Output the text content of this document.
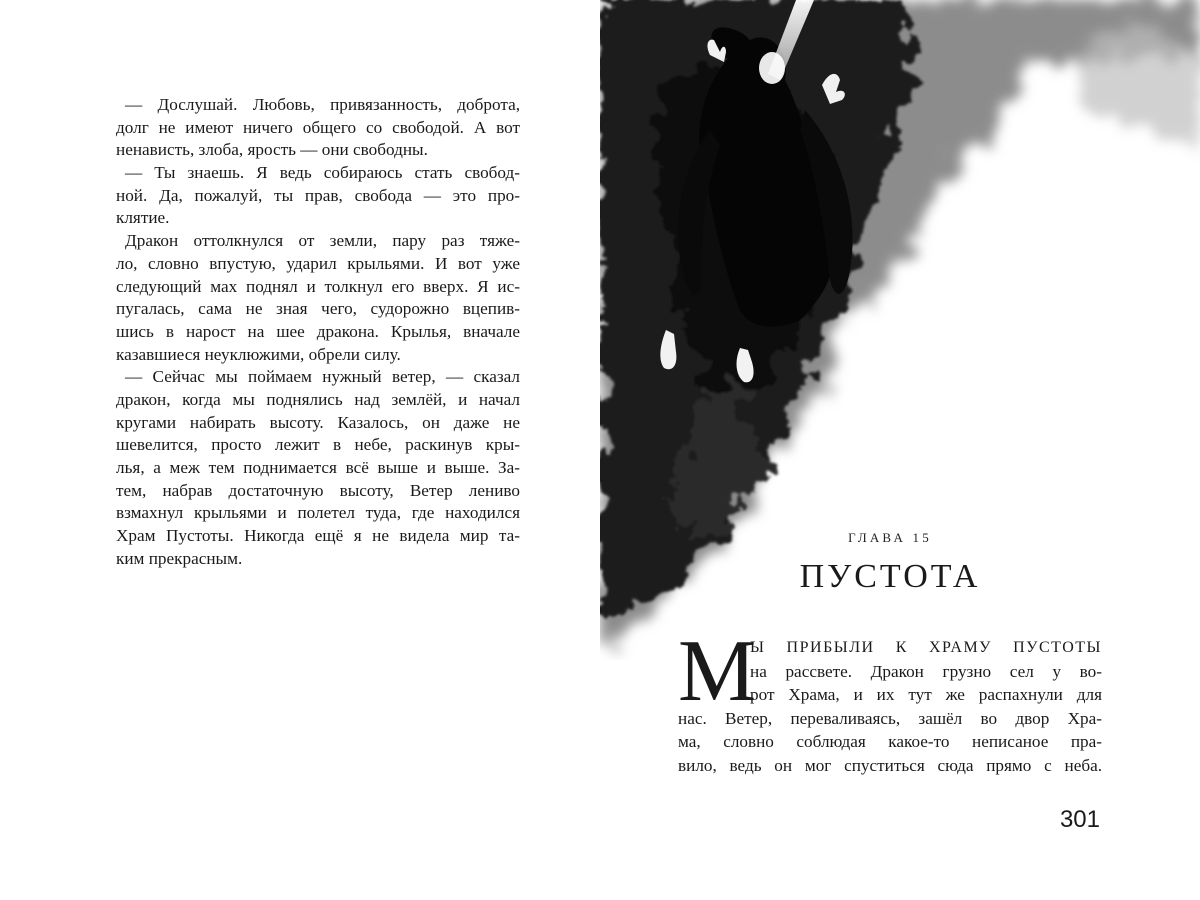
— Дослушай. Любовь, привязанность, доброта,
долг не имеют ничего общего со свободой. А вот
ненависть, злоба, ярость — они свободны.
— Ты знаешь. Я ведь собираюсь стать свобод-
ной. Да, пожалуй, ты прав, свобода — это про-
клятие.
Дракон оттолкнулся от земли, пару раз тяже-
ло, словно впустую, ударил крыльями. И вот уже
следующий мах поднял и толкнул его вверх. Я ис-
пугалась, сама не зная чего, судорожно вцепив-
шись в нарост на шее дракона. Крылья, вначале
казавшиеся неуклюжими, обрели силу.
— Сейчас мы поймаем нужный ветер, — сказал
дракон, когда мы поднялись над землёй, и начал
кругами набирать высоту. Казалось, он даже не
шевелится, просто лежит в небе, раскинув кры-
лья, а меж тем поднимается всё выше и выше. За-
тем, набрав достаточную высоту, Ветер лениво
взмахнул крыльями и полетел туда, где находился
Храм Пустоты. Никогда ещё я не видела мир та-
ким прекрасным.
ГЛАВА 15
ПУСТОТА
М
Ы ПРИБЫЛИ К ХРАМУ ПУСТОТЫ
на рассвете. Дракон грузно сел у во-
рот Храма, и их тут же распахнули для
нас. Ветер, переваливаясь, зашёл во двор Хра-
ма, словно соблюдая какое-то неписаное пра-
вило, ведь он мог спуститься сюда прямо с неба.
301
